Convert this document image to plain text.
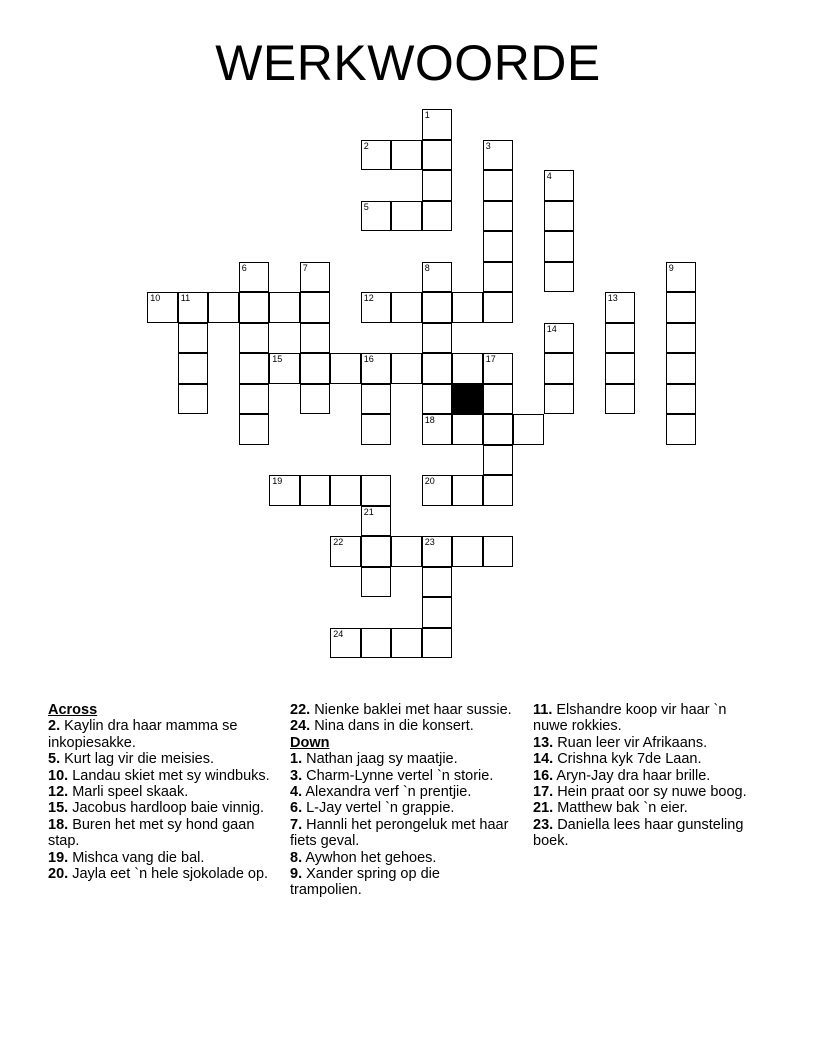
WERKWOORDE
1
2	3
4
5
6	7	8	9
10 11	12	13
14
15	16	17
18
19	20
21
22	23
24
Across
2. Kaylin dra haar mamma se inkopiesakke.
5. Kurt lag vir die meisies.
10. Landau skiet met sy windbuks.
12. Marli speel skaak.
15. Jacobus hardloop baie vinnig.
18. Buren het met sy hond gaan stap.
19. Mishca vang die bal.
20. Jayla eet `n hele sjokolade op.
22. Nienke baklei met haar sussie.
24. Nina dans in die konsert.
Down
1. Nathan jaag sy maatjie.
3. Charm-Lynne vertel `n storie.
4. Alexandra verf `n prentjie.
6. L-Jay vertel `n grappie.
7. Hannli het perongeluk met haar fiets geval.
8. Aywhon het gehoes.
9. Xander spring op die trampolien.
11. Elshandre koop vir haar `n nuwe rokkies.
13. Ruan leer vir Afrikaans.
14. Crishna kyk 7de Laan.
16. Aryn-Jay dra haar brille.
17. Hein praat oor sy nuwe boog.
21. Matthew bak `n eier.
23. Daniella lees haar gunsteling boek.
